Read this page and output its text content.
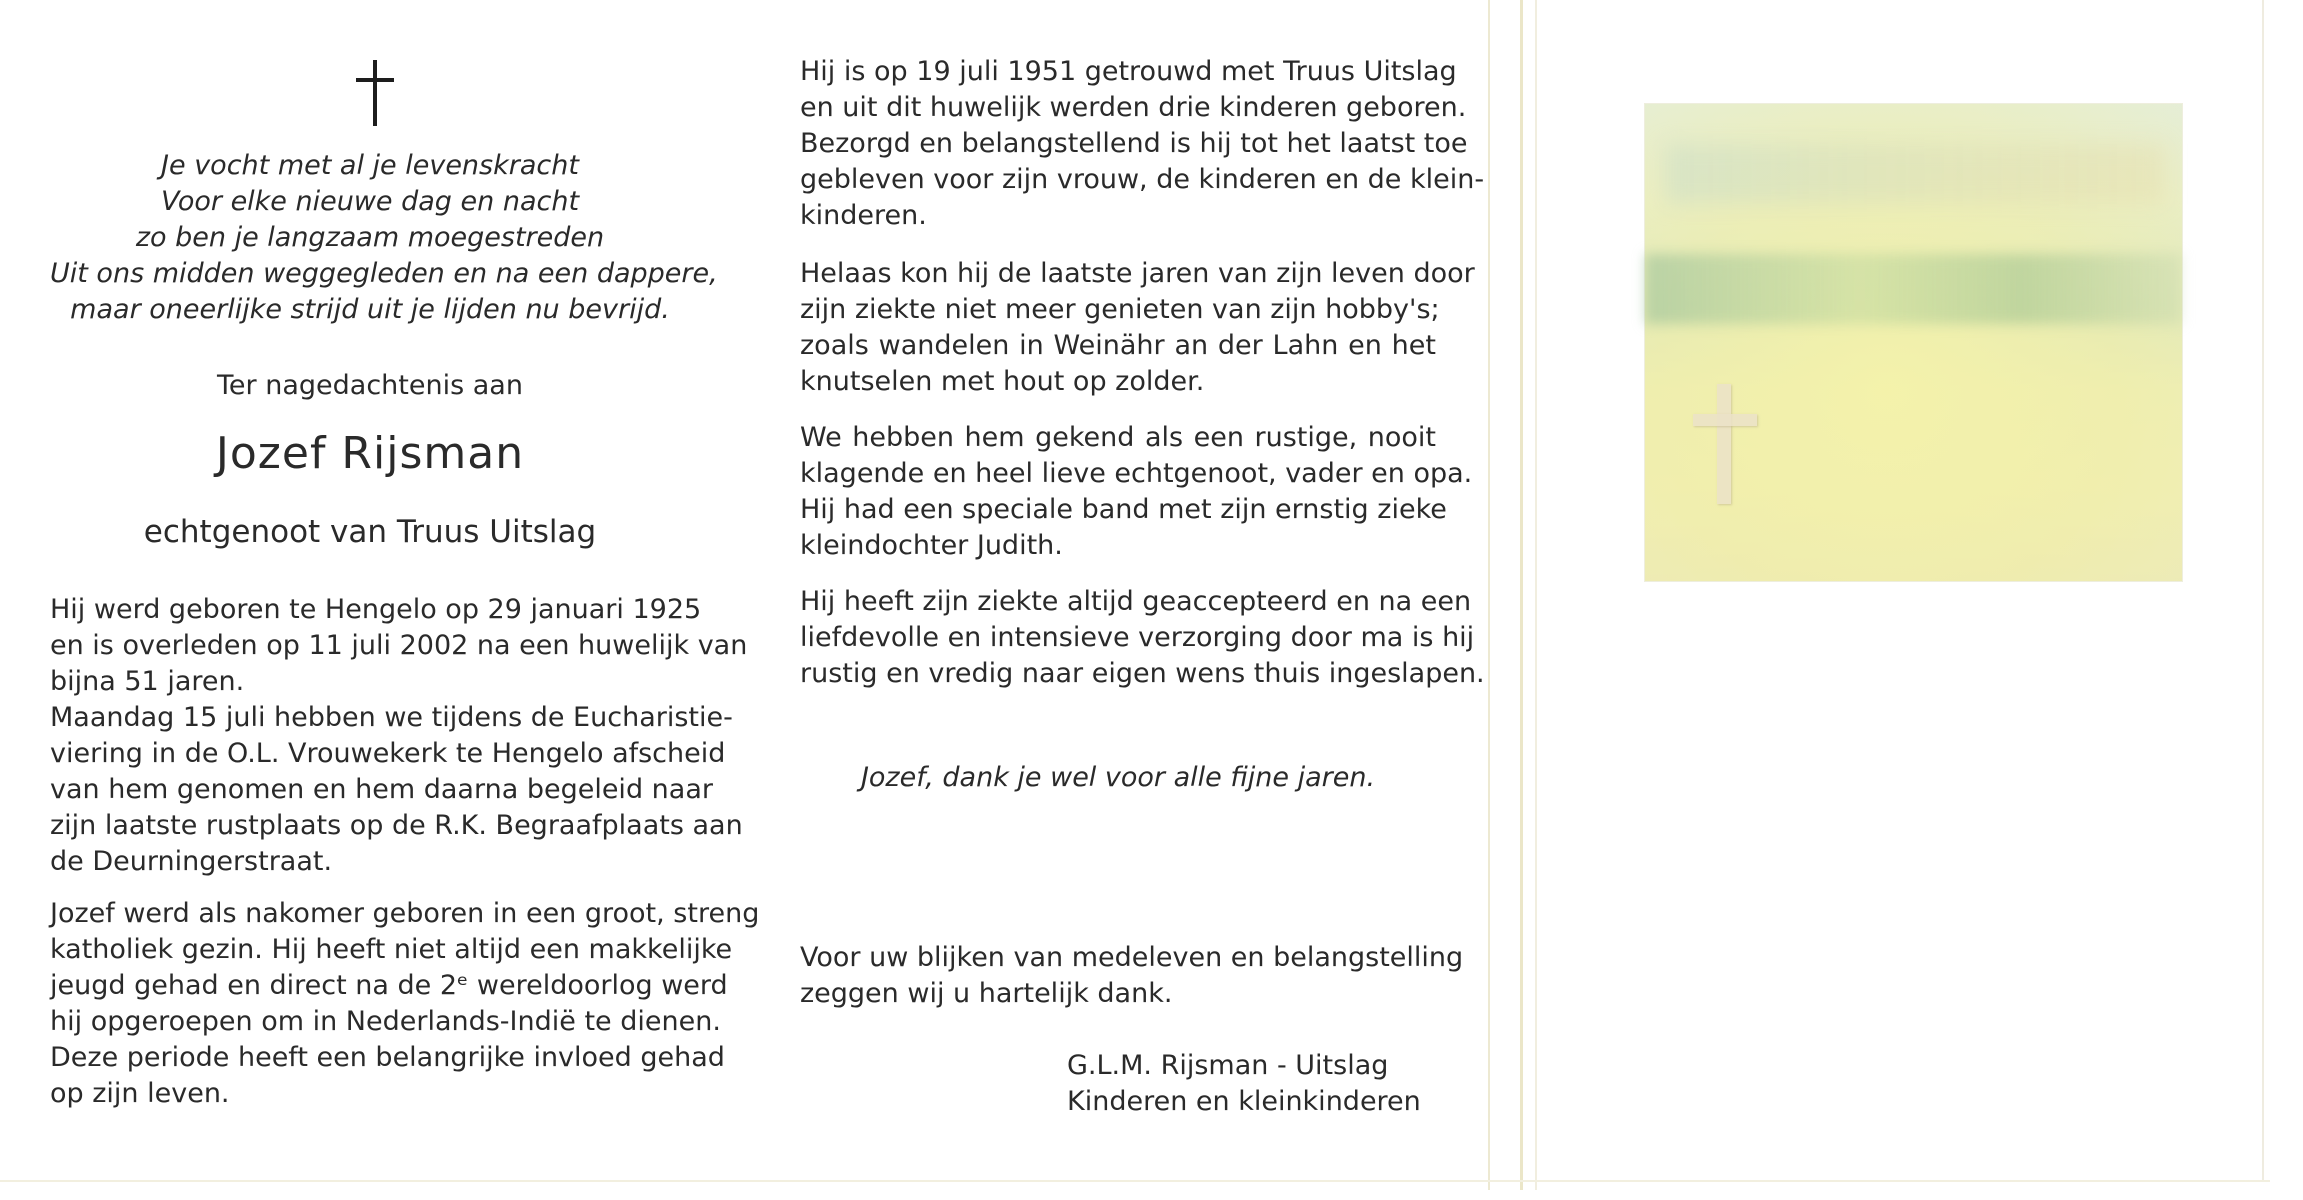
Je vocht met al je levenskracht
Voor elke nieuwe dag en nacht
zo ben je langzaam moegestreden
Uit ons midden weggegleden en na een dappere,
maar oneerlijke strijd uit je lijden nu bevrijd.
Ter nagedachtenis aan
Jozef Rijsman
echtgenoot van Truus Uitslag
Hij werd geboren te Hengelo op 29 januari 1925
en is overleden op 11 juli 2002 na een huwelijk van
bijna 51 jaren.
Maandag 15 juli hebben we tijdens de Eucharistie-
viering in de O.L. Vrouwekerk te Hengelo afscheid
van hem genomen en hem daarna begeleid naar
zijn laatste rustplaats op de R.K. Begraafplaats aan
de Deurningerstraat.
Jozef werd als nakomer geboren in een groot, streng
katholiek gezin. Hij heeft niet altijd een makkelijke
jeugd gehad en direct na de 2ᵉ wereldoorlog werd
hij opgeroepen om in Nederlands-Indië te dienen.
Deze periode heeft een belangrijke invloed gehad
op zijn leven.
Hij is op 19 juli 1951 getrouwd met Truus Uitslag
en uit dit huwelijk werden drie kinderen geboren.
Bezorgd en belangstellend is hij tot het laatst toe
gebleven voor zijn vrouw, de kinderen en de klein-
kinderen.
Helaas kon hij de laatste jaren van zijn leven door
zijn ziekte niet meer genieten van zijn hobby's;
zoals wandelen in Weinähr an der Lahn en het
knutselen met hout op zolder.
We hebben hem gekend als een rustige, nooit
klagende en heel lieve echtgenoot, vader en opa.
Hij had een speciale band met zijn ernstig zieke
kleindochter Judith.
Hij heeft zijn ziekte altijd geaccepteerd en na een
liefdevolle en intensieve verzorging door ma is hij
rustig en vredig naar eigen wens thuis ingeslapen.
Jozef, dank je wel voor alle fijne jaren.
Voor uw blijken van medeleven en belangstelling
zeggen wij u hartelijk dank.
G.L.M. Rijsman - Uitslag
Kinderen en kleinkinderen
